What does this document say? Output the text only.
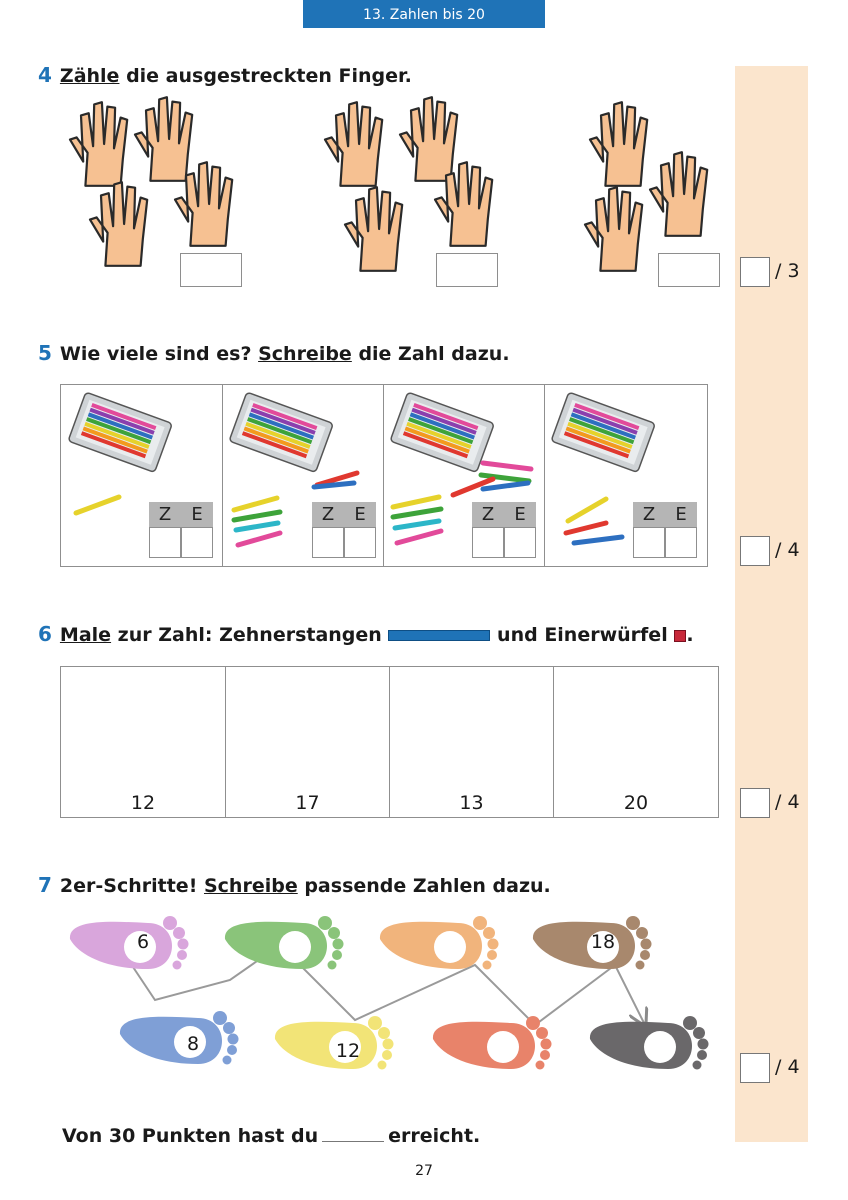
13. Zahlen bis 20
4 Zähle die ausgestreckten Finger.
/ 3
5 Wie viele sind es? Schreibe die Zahl dazu.
Z	E	Z	E	Z	E	Z	E
/ 4
6 Male zur Zahl: Zehnerstangen	und Einerwürfel .
12	17	13	20	/ 4
7 2er-Schritte! Schreibe passende Zahlen dazu.
6	18
8	12
/ 4
Von 30 Punkten hast du	erreicht.
27
